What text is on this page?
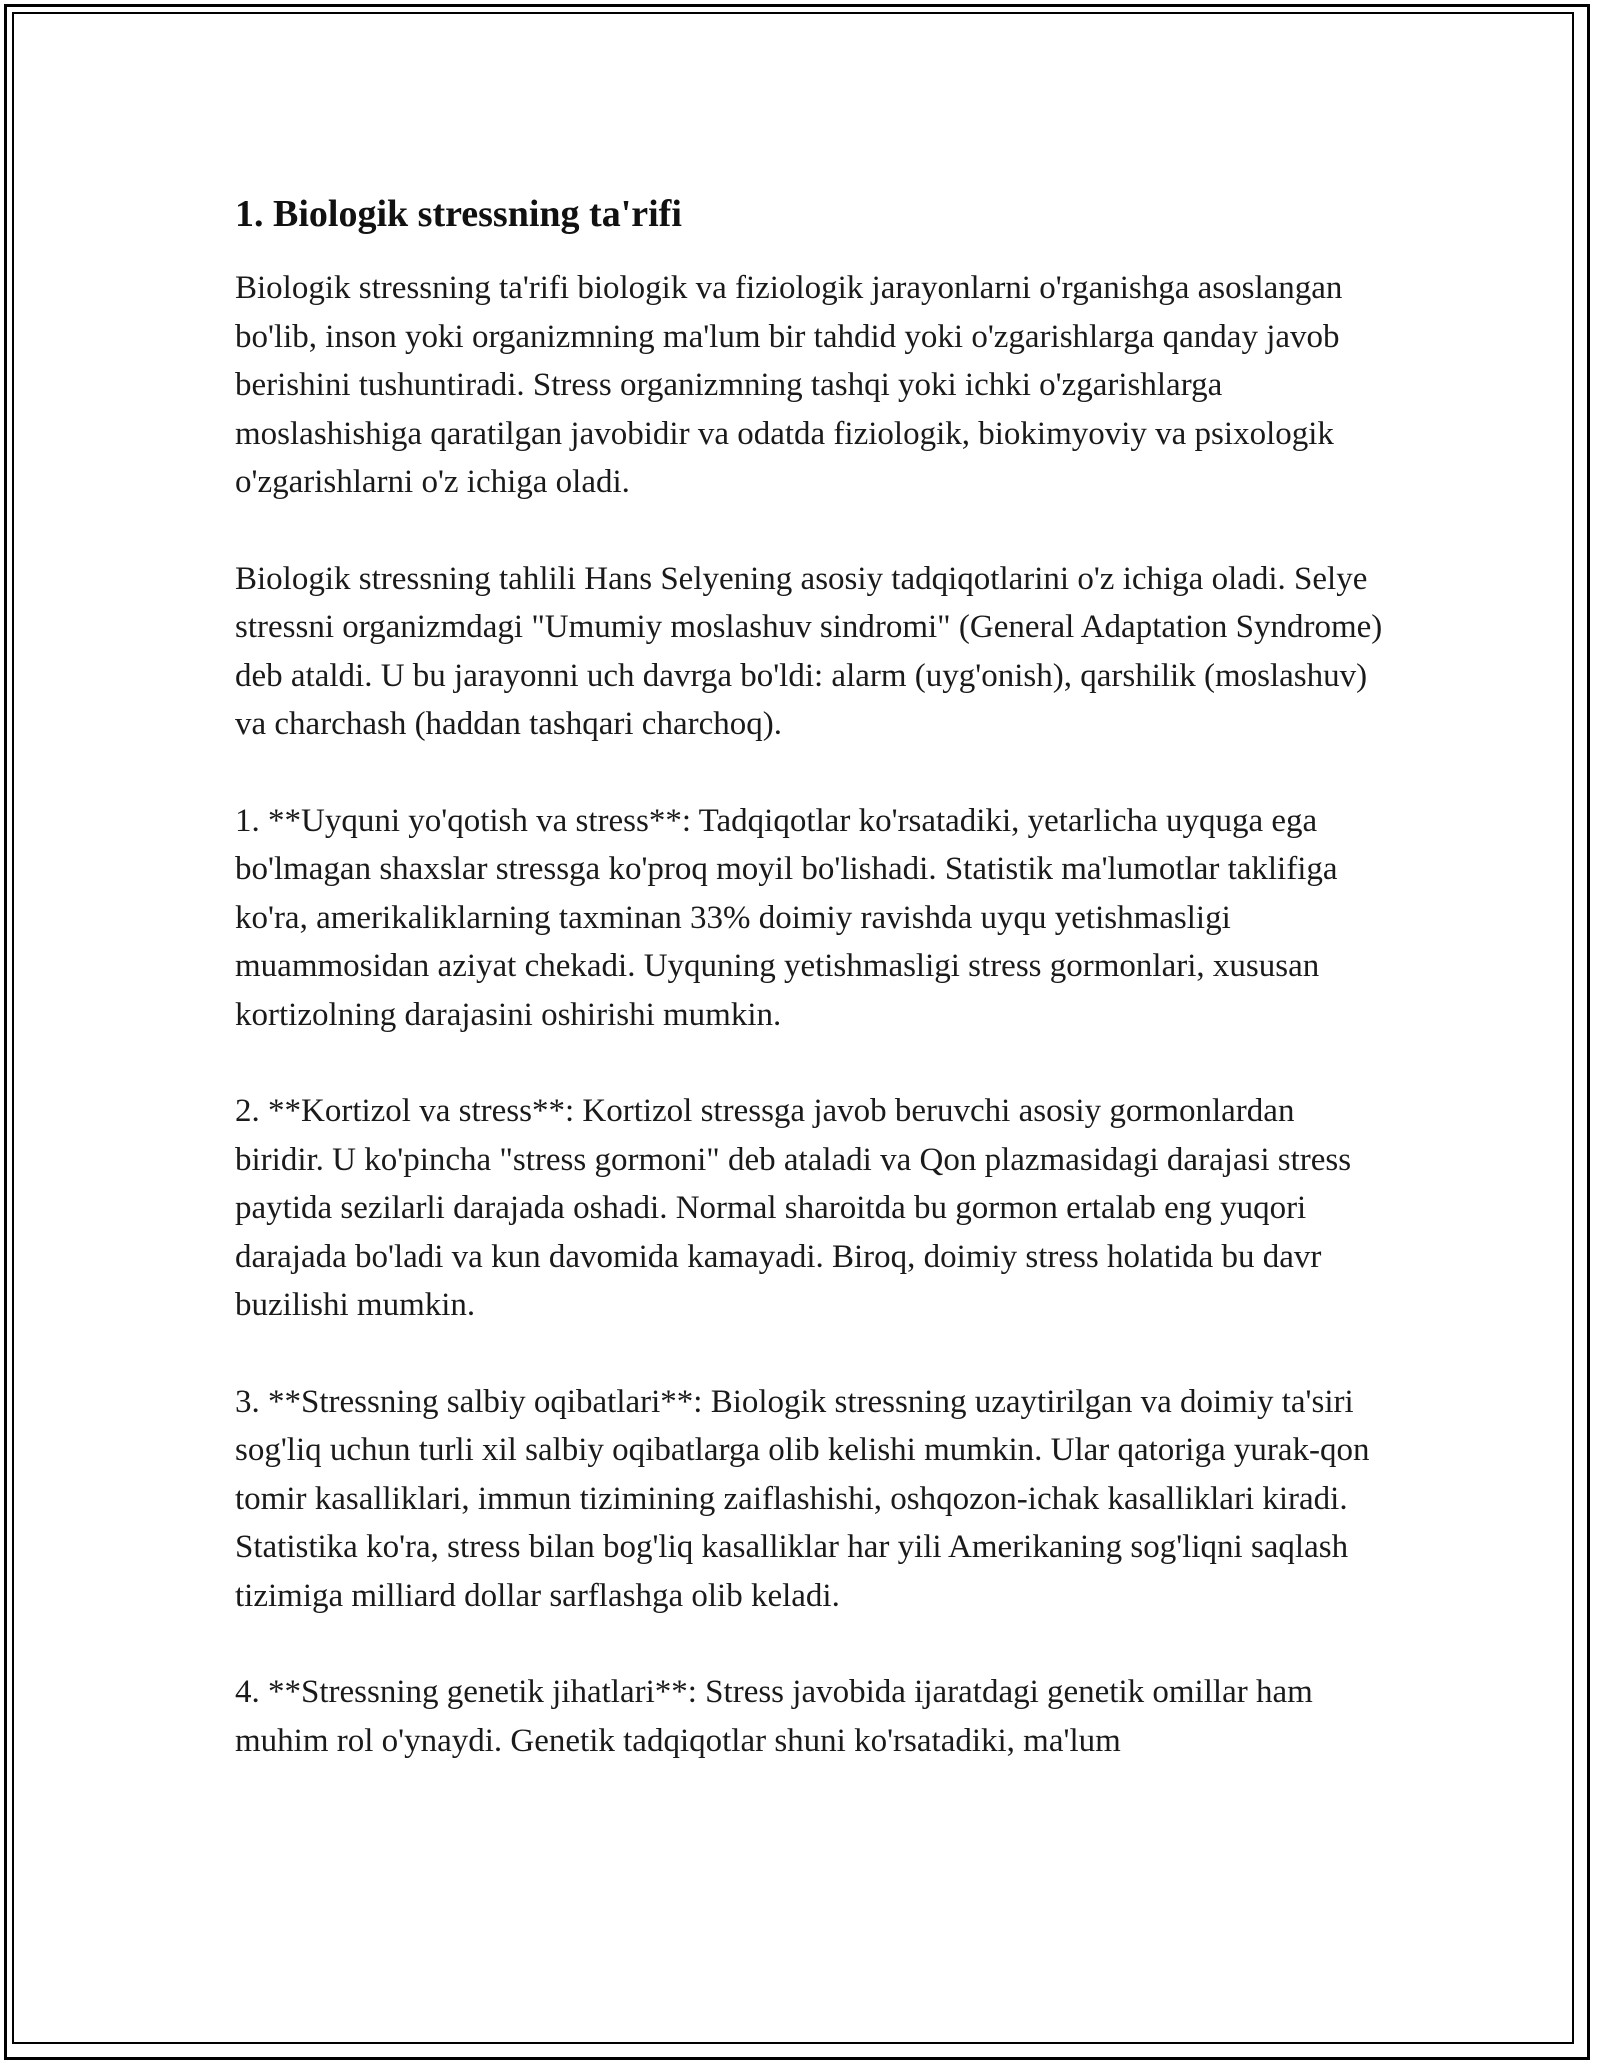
1. Biologik stressning ta'rifi

Biologik stressning ta'rifi biologik va fiziologik jarayonlarni o'rganishga asoslangan bo'lib, inson yoki organizmning ma'lum bir tahdid yoki o'zgarishlarga qanday javob berishini tushuntiradi. Stress organizmning tashqi yoki ichki o'zgarishlarga moslashishiga qaratilgan javobidir va odatda fiziologik, biokimyoviy va psixologik o'zgarishlarni o'z ichiga oladi.

Biologik stressning tahlili Hans Selyening asosiy tadqiqotlarini o'z ichiga oladi. Selye stressni organizmdagi "Umumiy moslashuv sindromi" (General Adaptation Syndrome) deb ataldi. U bu jarayonni uch davrga bo'ldi: alarm (uyg'onish), qarshilik (moslashuv) va charchash (haddan tashqari charchoq).

1. **Uyquni yo'qotish va stress**: Tadqiqotlar ko'rsatadiki, yetarlicha uyquga ega bo'lmagan shaxslar stressga ko'proq moyil bo'lishadi. Statistik ma'lumotlar taklifiga ko'ra, amerikaliklarning taxminan 33% doimiy ravishda uyqu yetishmasligi muammosidan aziyat chekadi. Uyquning yetishmasligi stress gormonlari, xususan kortizolning darajasini oshirishi mumkin.

2. **Kortizol va stress**: Kortizol stressga javob beruvchi asosiy gormonlardan biridir. U ko'pincha "stress gormoni" deb ataladi va Qon plazmasidagi darajasi stress paytida sezilarli darajada oshadi. Normal sharoitda bu gormon ertalab eng yuqori darajada bo'ladi va kun davomida kamayadi. Biroq, doimiy stress holatida bu davr buzilishi mumkin.

3. **Stressning salbiy oqibatlari**: Biologik stressning uzaytirilgan va doimiy ta'siri sog'liq uchun turli xil salbiy oqibatlarga olib kelishi mumkin. Ular qatoriga yurak-qon tomir kasalliklari, immun tizimining zaiflashishi, oshqozon-ichak kasalliklari kiradi. Statistika ko'ra, stress bilan bog'liq kasalliklar har yili Amerikaning sog'liqni saqlash tizimiga milliard dollar sarflashga olib keladi.

4. **Stressning genetik jihatlari**: Stress javobida ijaratdagi genetik omillar ham muhim rol o'ynaydi. Genetik tadqiqotlar shuni ko'rsatadiki, ma'lum
